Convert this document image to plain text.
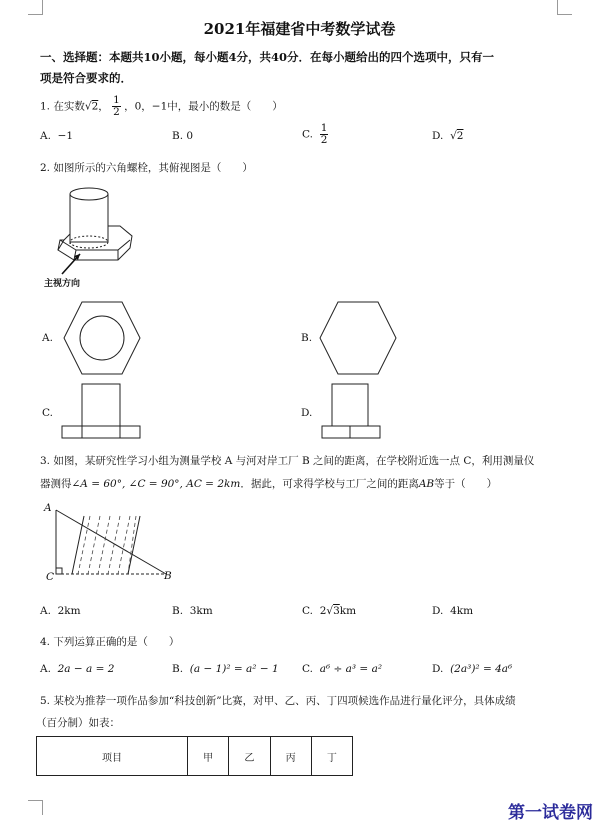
2021年福建省中考数学试卷
一、选择题：本题共10小题，每小题4分，共40分．在每小题给出的四个选项中，只有一
项是符合要求的．
1. 在实数√2， $\frac{1}{2}$ ，0，−1中，最小的数是（　　）
A. −1	B. 0	C. $\frac{1}{2}$	D. √2
2. 如图所示的六角螺栓，其俯视图是（　　）
主视方向
A.	B.
C.	D.
3. 如图，某研究性学习小组为测量学校 A 与河对岸工厂 B 之间的距离，在学校附近选一点 C，利用测量仪
器测得∠A = 60°, ∠C = 90°, AC = 2km．据此，可求得学校与工厂之间的距离AB等于（　　）
A
C	B
A. 2km	B. 3km	C. 2√3km	D. 4km
4. 下列运算正确的是（　　）
A. 2a − a = 2	B. (a − 1)² = a² − 1 C. a⁶ ÷ a³ = a²	D. (2a³)² = 4a⁶
5. 某校为推荐一项作品参加“科技创新”比赛，对甲、乙、丙、丁四项候选作品进行量化评分，具体成绩
（百分制）如表：
项目	甲	乙	丙	丁
第一试卷网
